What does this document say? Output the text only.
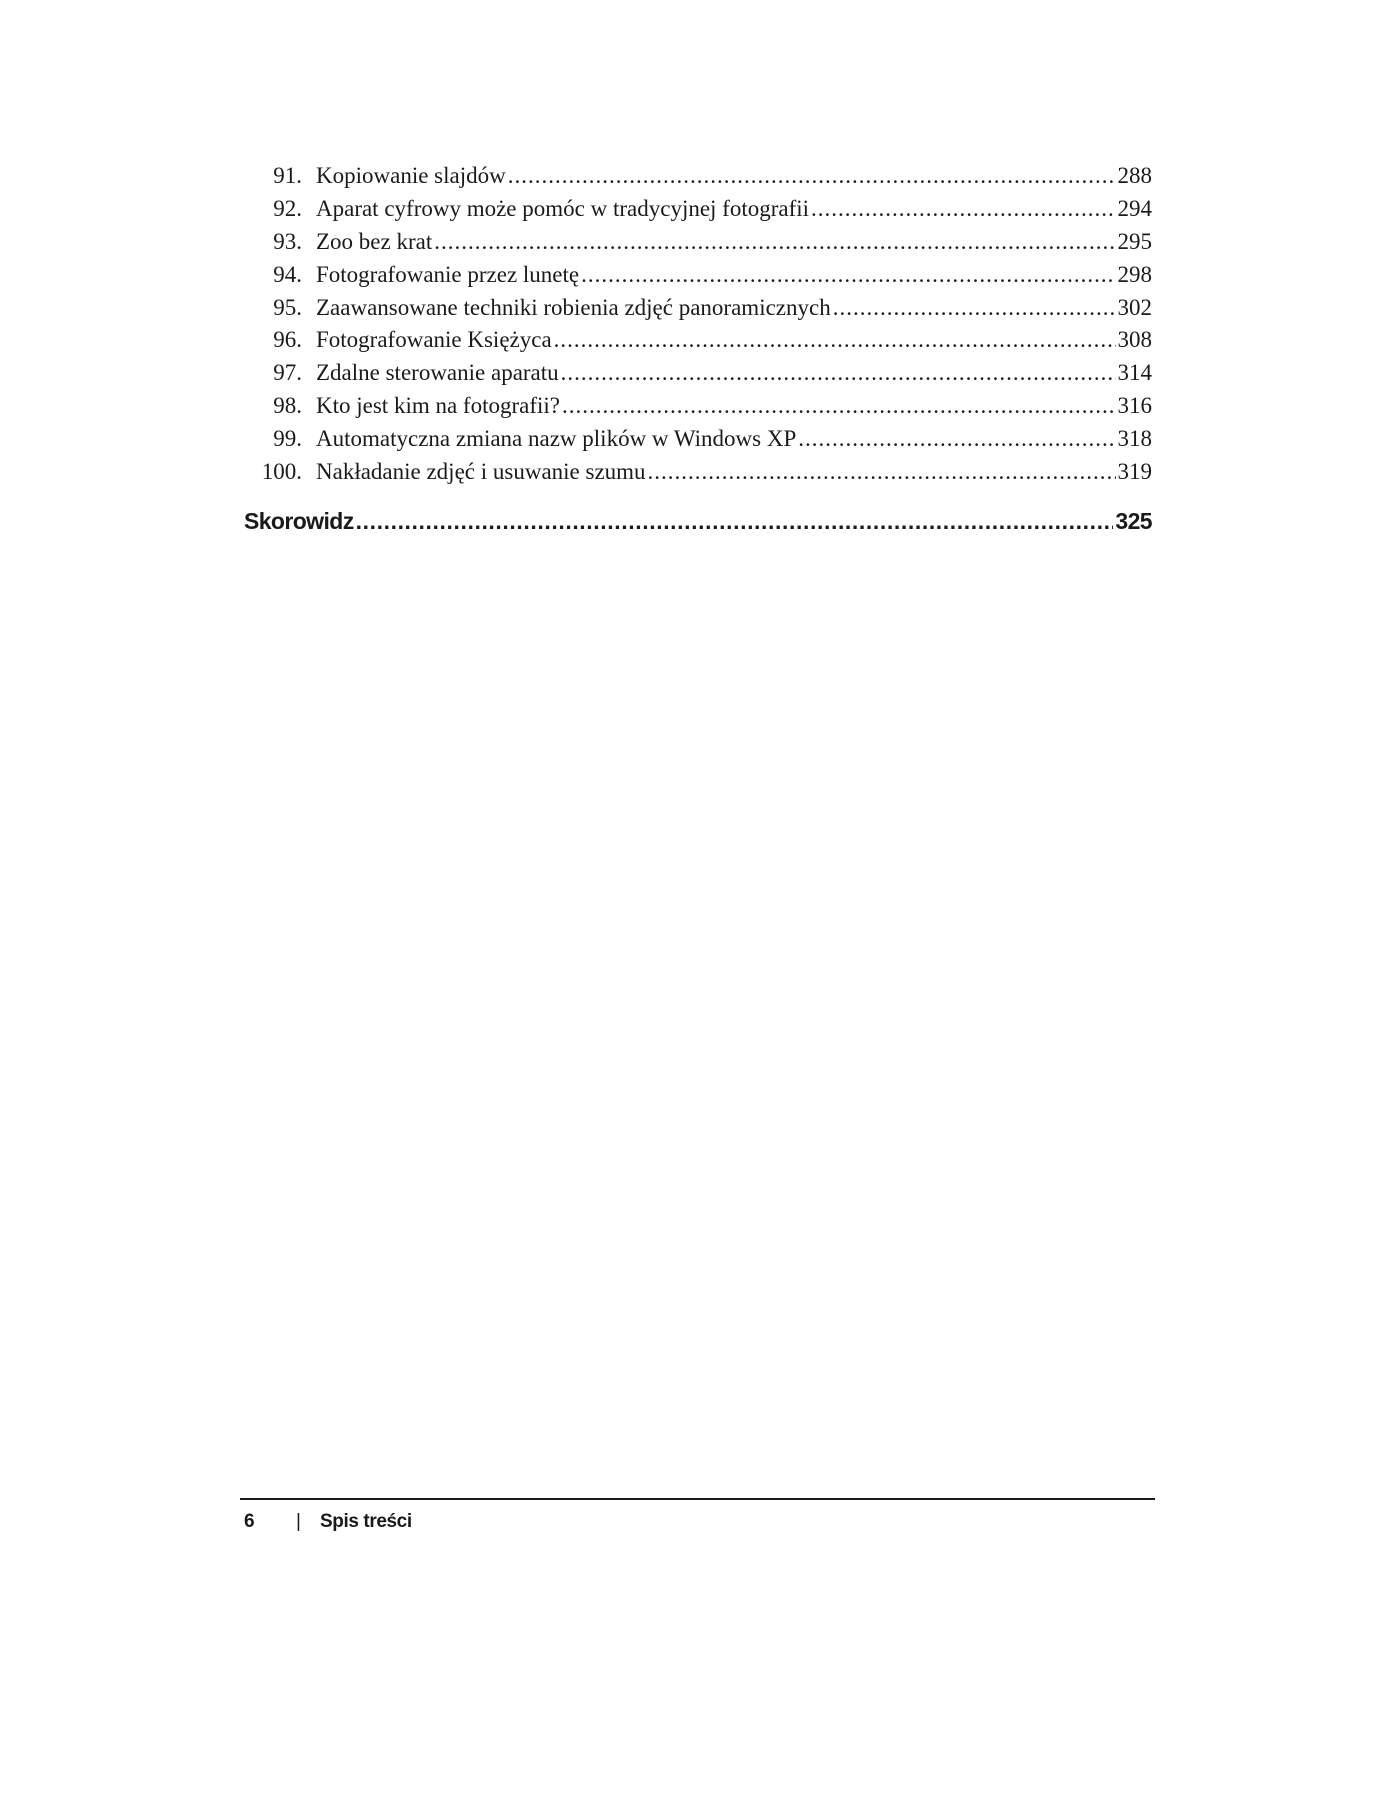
91. Kopiowanie slajdów .....	288
92. Aparat cyfrowy może pomóc w tradycyjnej fotografii .....	294
93. Zoo bez krat .....	295
94. Fotografowanie przez lunetę .....	298
95. Zaawansowane techniki robienia zdjęć panoramicznych .....	302
96. Fotografowanie Księżyca .....	308
97. Zdalne sterowanie aparatu .....	314
98. Kto jest kim na fotografii? .....	316
99. Automatyczna zmiana nazw plików w Windows XP .....	318
100. Nakładanie zdjęć i usuwanie szumu .....	319
Skorowidz .....	325
6	|	Spis treści
